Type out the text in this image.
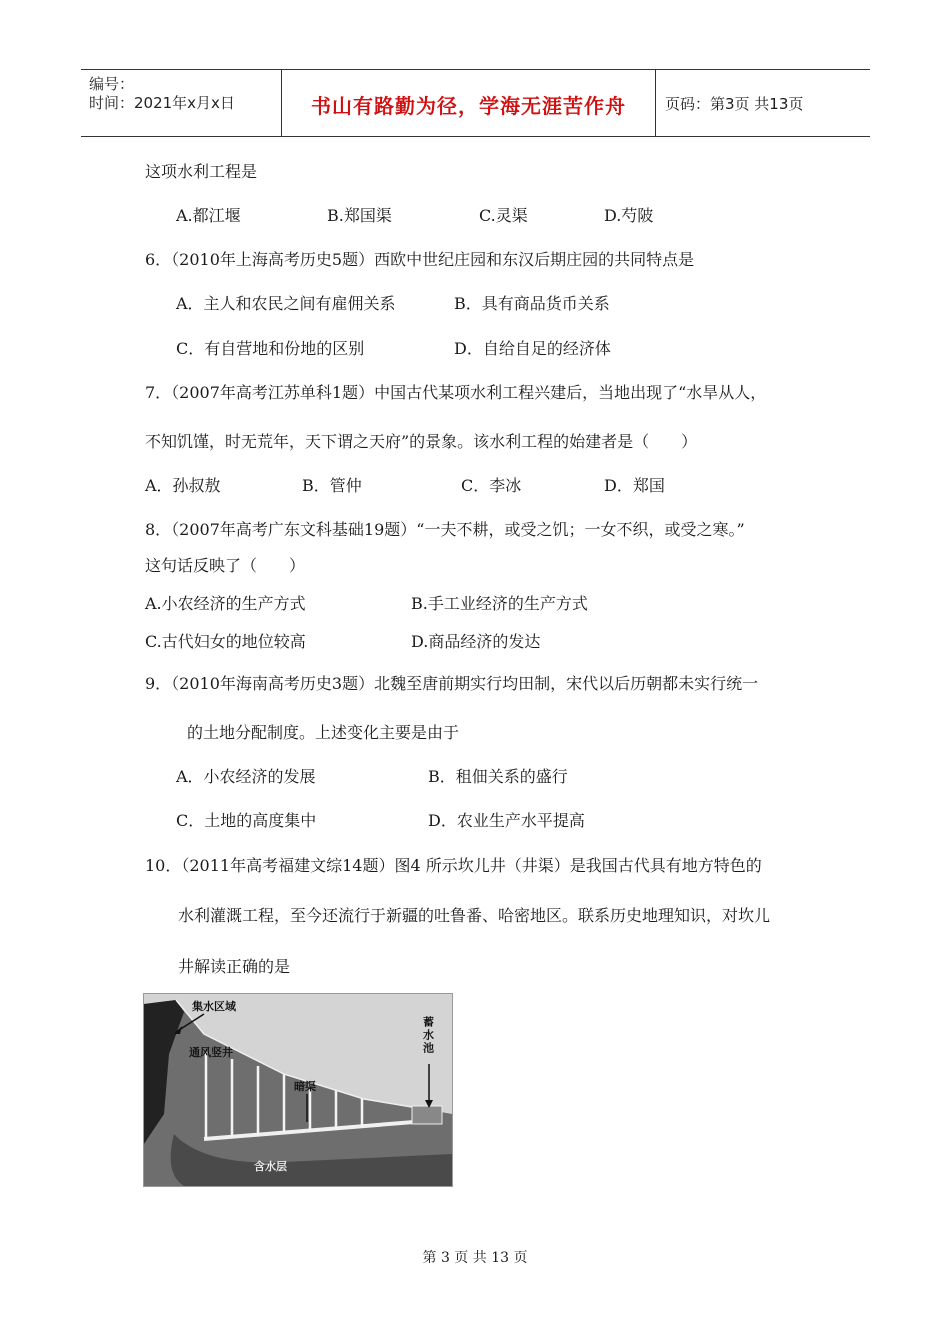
编号：
时间：2021年x月x日	书山有路勤为径，学海无涯苦作舟	页码：第3页 共13页
这项水利工程是
A.都江堰	B.郑国渠	C.灵渠	D.芍陂
6．（2010年上海高考历史5题）西欧中世纪庄园和东汉后期庄园的共同特点是
A．主人和农民之间有雇佣关系	B．具有商品货币关系
C．有自营地和份地的区别	D．自给自足的经济体
7．（2007年高考江苏单科1题）中国古代某项水利工程兴建后，当地出现了“水旱从人，
不知饥馑，时无荒年，天下谓之天府”的景象。该水利工程的始建者是（　　）
A．孙叔敖	B．管仲	C．李冰	D．郑国
8．（2007年高考广东文科基础19题）“一夫不耕，或受之饥；一女不织，或受之寒。”
这句话反映了（　　）
A.小农经济的生产方式	B.手工业经济的生产方式
C.古代妇女的地位较高	D.商品经济的发达
9．（2010年海南高考历史3题）北魏至唐前期实行均田制，宋代以后历朝都未实行统一
的土地分配制度。上述变化主要是由于
A．小农经济的发展	B．租佃关系的盛行
C．土地的高度集中	D．农业生产水平提高
10．（2011年高考福建文综14题）图4 所示坎儿井（井渠）是我国古代具有地方特色的
水利灌溉工程，至今还流行于新疆的吐鲁番、哈密地区。联系历史地理知识，对坎儿
井解读正确的是
集水区域
通风竖井
暗渠
含水层
蓄水池
第 3 页 共 13 页
